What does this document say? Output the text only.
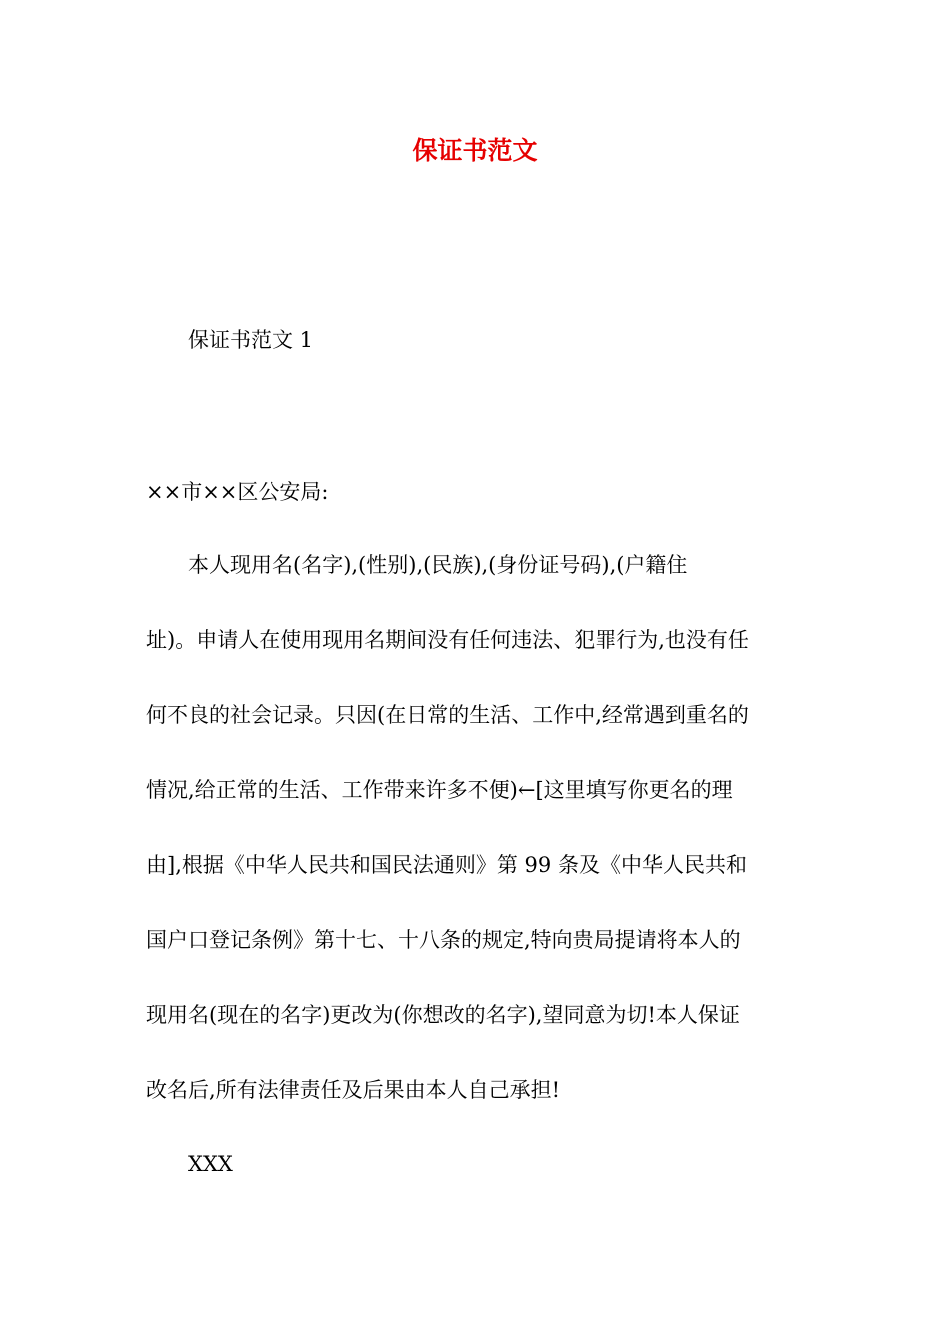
保证书范文

保证书范文 1

××市××区公安局:

本人现用名(名字),(性别),(民族),(身份证号码),(户籍住
址)。申请人在使用现用名期间没有任何违法、犯罪行为,也没有任
何不良的社会记录。只因(在日常的生活、工作中,经常遇到重名的
情况,给正常的生活、工作带来许多不便)←[这里填写你更名的理
由],根据《中华人民共和国民法通则》第 99 条及《中华人民共和
国户口登记条例》第十七、十八条的规定,特向贵局提请将本人的
现用名(现在的名字)更改为(你想改的名字),望同意为切!本人保证
改名后,所有法律责任及后果由本人自己承担!

XXX
